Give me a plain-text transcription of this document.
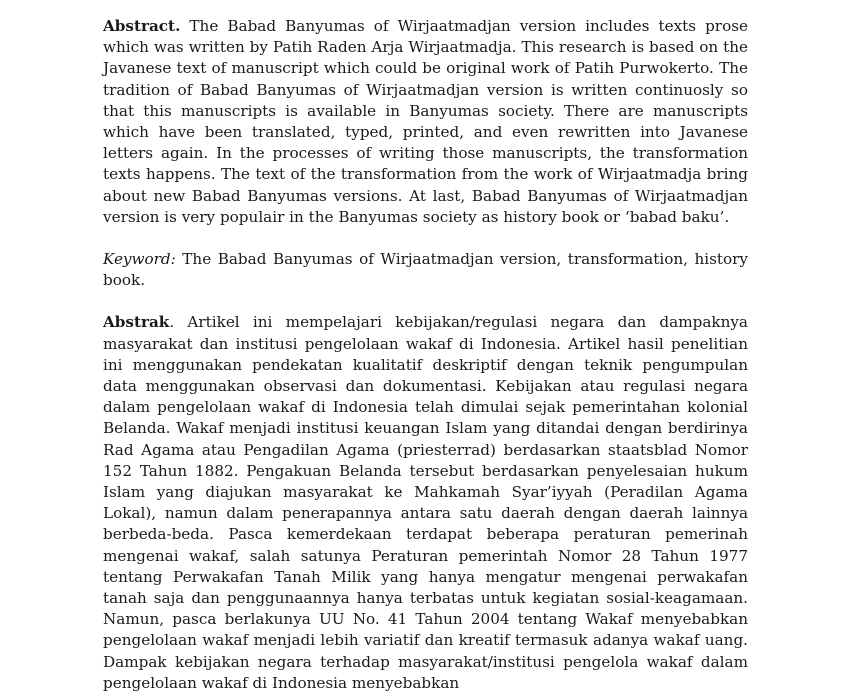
Abstract. The Babad Banyumas of Wirjaatmadjan version includes texts prose which was written by Patih Raden Arja Wirjaatmadja. This research is based on the Javanese text of manuscript which could be original work of Patih Purwokerto. The tradition of Babad Banyumas of Wirjaatmadjan version is written continuosly so that this manuscripts is available in Banyumas society. There are manuscripts which have been translated, typed, printed, and even rewritten into Javanese letters again. In the processes of writing those manuscripts, the transformation texts happens. The text of the transformation from the work of Wirjaatmadja bring about new Babad Banyumas versions. At last, Babad Banyumas of Wirjaatmadjan version is very populair in the Banyumas society as history book or ‘babad baku’.

Keyword: The Babad Banyumas of Wirjaatmadjan version, transformation, history book.

Abstrak. Artikel ini mempelajari kebijakan/regulasi negara dan dampaknya masyarakat dan institusi pengelolaan wakaf di Indonesia. Artikel hasil penelitian ini menggunakan pendekatan kualitatif deskriptif dengan teknik pengumpulan data menggunakan observasi dan dokumentasi. Kebijakan atau regulasi negara dalam pengelolaan wakaf di Indonesia telah dimulai sejak pemerintahan kolonial Belanda. Wakaf menjadi institusi keuangan Islam yang ditandai dengan berdirinya Rad Agama atau Pengadilan Agama (priesterrad) berdasarkan staatsblad Nomor 152 Tahun 1882. Pengakuan Belanda tersebut berdasarkan penyelesaian hukum Islam yang diajukan masyarakat ke Mahkamah Syar’iyyah (Peradilan Agama Lokal), namun dalam penerapannya antara satu daerah dengan daerah lainnya berbeda-beda. Pasca kemerdekaan terdapat beberapa peraturan pemerinah mengenai wakaf, salah satunya Peraturan pemerintah Nomor 28 Tahun 1977 tentang Perwakafan Tanah Milik yang hanya mengatur mengenai perwakafan tanah saja dan penggunaannya hanya terbatas untuk kegiatan sosial-keagamaan. Namun, pasca berlakunya UU No. 41 Tahun 2004 tentang Wakaf menyebabkan pengelolaan wakaf menjadi lebih variatif dan kreatif termasuk adanya wakaf uang. Dampak kebijakan negara terhadap masyarakat/institusi pengelola wakaf dalam pengelolaan wakaf di Indonesia menyebabkan
